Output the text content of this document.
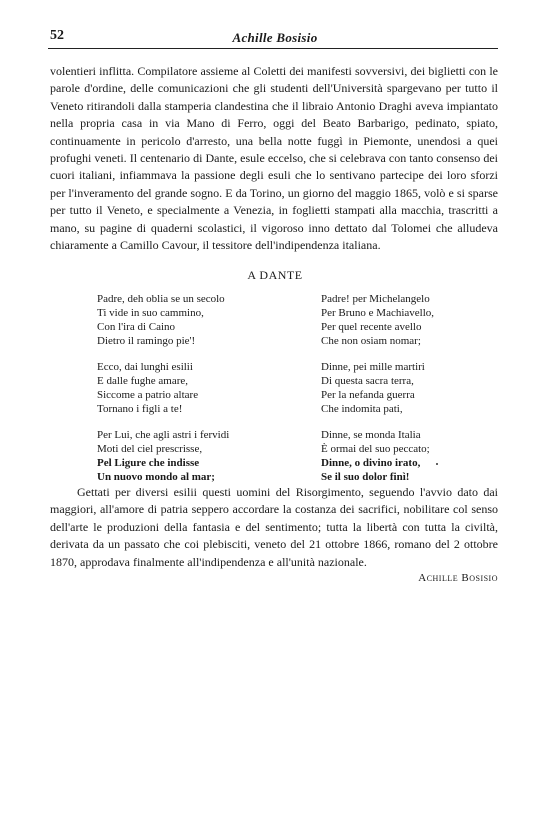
52	Achille Bosisio

volentieri inflitta. Compilatore assieme al Coletti dei manifesti sovversivi, dei biglietti con le parole d'ordine, delle comunicazioni che gli studenti dell'Università spargevano per tutto il Veneto ritirandoli dalla stamperia clandestina che il libraio Antonio Draghi aveva impiantato nella propria casa in via Mano di Ferro, oggi del Beato Barbarigo, pedinato, spiato, continuamente in pericolo d'arresto, una bella notte fuggì in Piemonte, unendosi a quei profughi veneti. Il centenario di Dante, esule eccelso, che si celebrava con tanto consenso dei cuori italiani, infiammava la passione degli esuli che lo sentivano partecipe dei loro sforzi per l'inveramento del grande sogno. E da Torino, un giorno del maggio 1865, volò e si sparse per tutto il Veneto, e specialmente a Venezia, in foglietti stampati alla macchia, trascritti a mano, su pagine di quaderni scolastici, il vigoroso inno dettato dal Tolomei che alludeva chiaramente a Camillo Cavour, il tessitore dell'indipendenza italiana.

A DANTE
Padre, deh oblia se un secolo
Ti vide in suo cammino,
Con l'ira di Caino
Dietro il ramingo pie'!
Ecco, dai lunghi esilii
E dalle fughe amare,
Siccome a patrio altare
Tornano i figli a te!
Per Lui, che agli astri i fervidi
Moti del ciel prescrisse,
Pel Ligure che indisse
Un nuovo mondo al mar;
Padre! per Michelangelo
Per Bruno e Machiavello,
Per quel recente avello
Che non osiam nomar;
Dinne, pei mille martiri
Di questa sacra terra,
Per la nefanda guerra
Che indomita pati,
Dinne, se monda Italia
È ormai del suo peccato;
Dinne, o divino irato,
Se il suo dolor finì!

Gettati per diversi esilii questi uomini del Risorgimento, seguendo l'avvio dato dai maggiori, all'amore di patria seppero accordare la costanza dei sacrifici, nobilitare col senso dell'arte le produzioni della fantasia e del sentimento; tutta la libertà con tutta la civiltà, derivata da un passato che coi plebisciti, veneto del 21 ottobre 1866, romano del 2 ottobre 1870, approdava finalmente all'indipendenza e all'unità nazionale.

Achille Bosisio
